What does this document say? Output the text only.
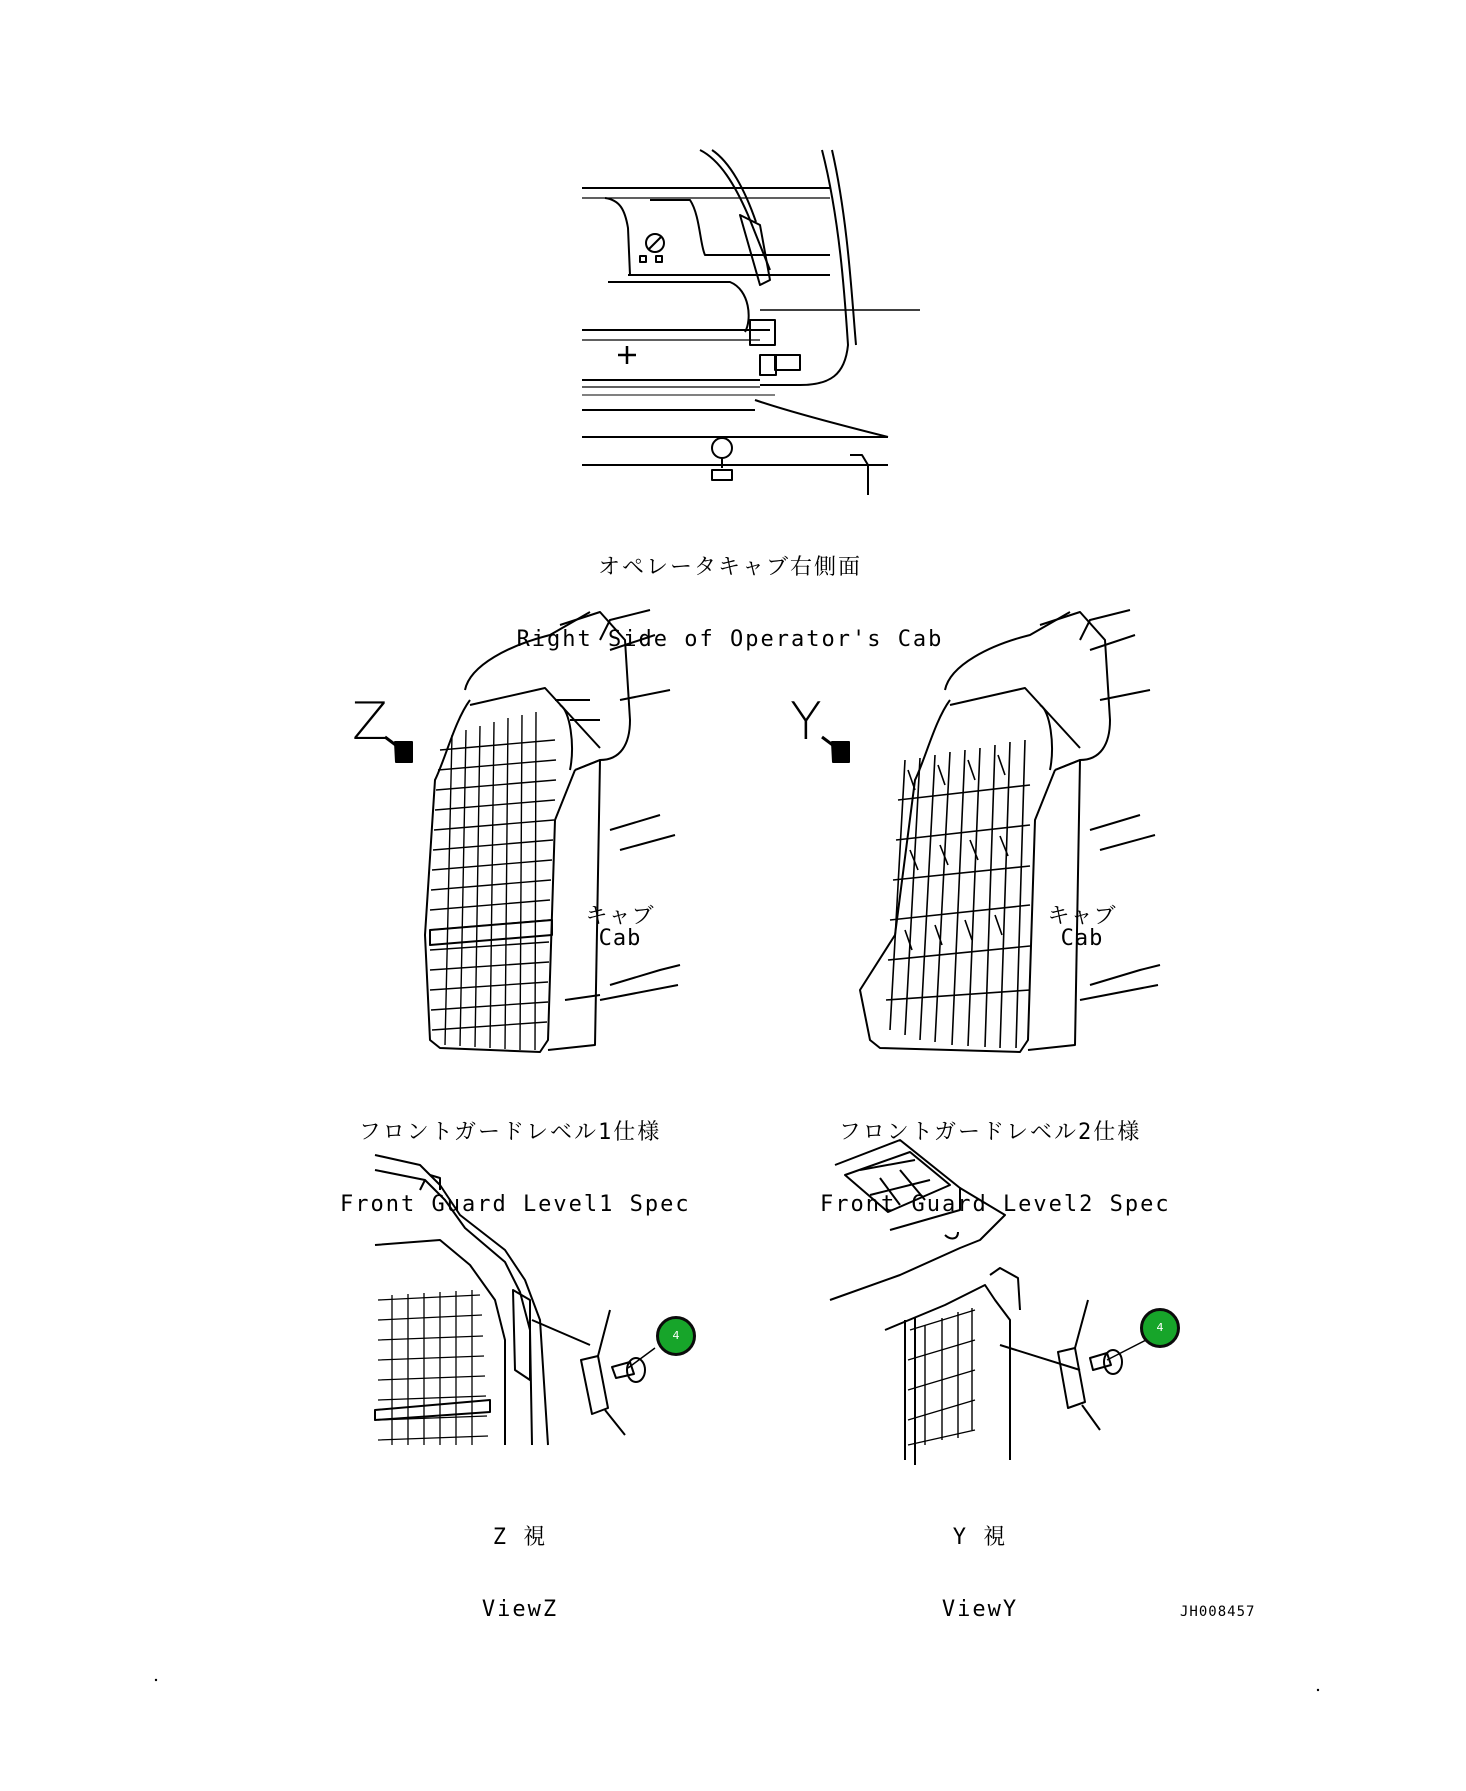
オペレータキャブ右側面

Right Side of Operator's Cab

Z	Y
キャブ
Cab
キャブ
Cab

フロントガードレベル1仕様

Front Guard Level1 Spec

フロントガードレベル2仕様

Front Guard Level2 Spec

4
4

Z 視

ViewZ

Y 視

ViewY	JH008457
